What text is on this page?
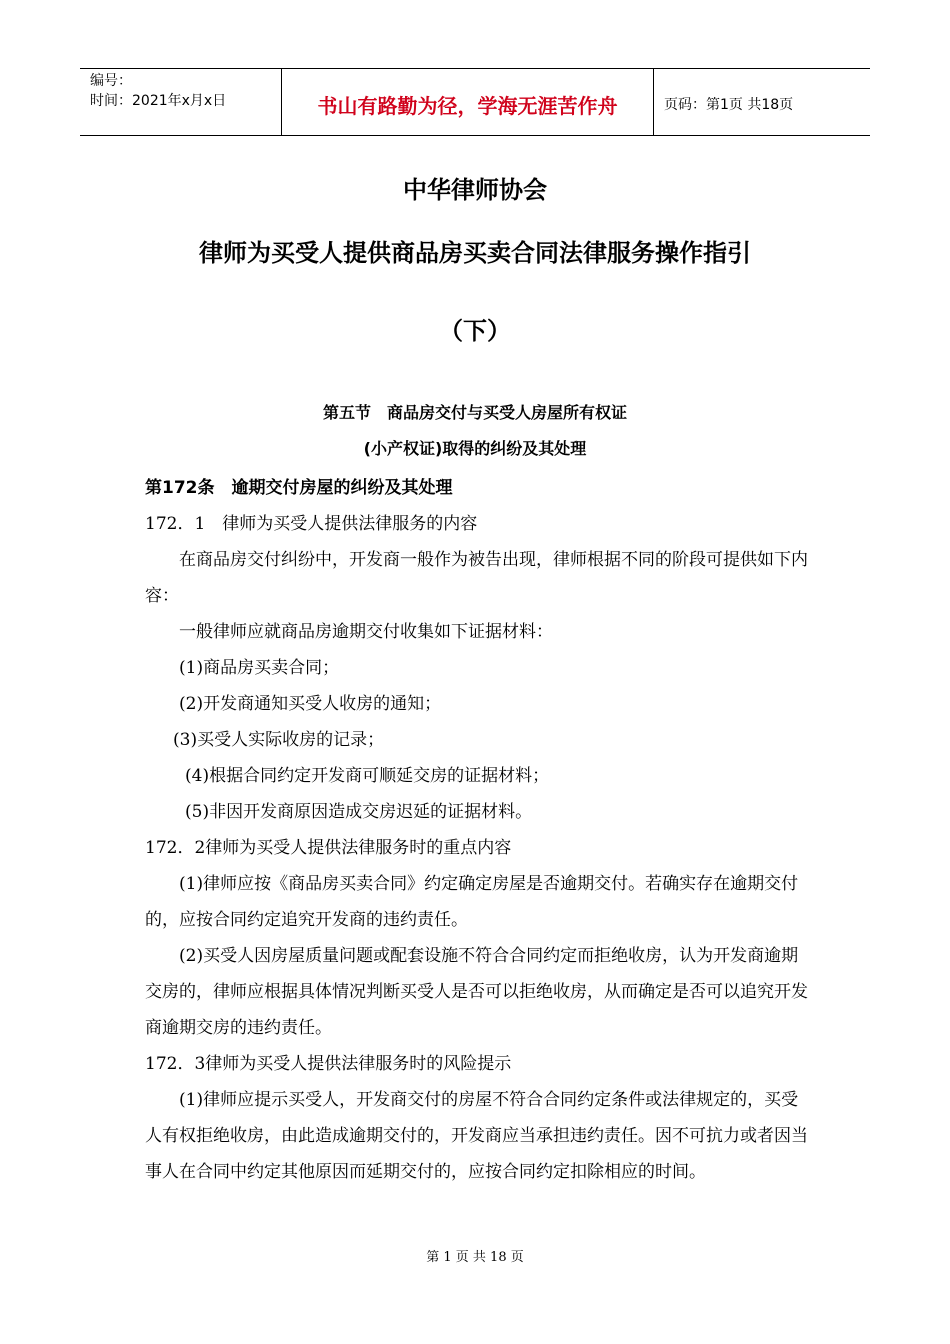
编号：
时间：2021年x月x日	书山有路勤为径，学海无涯苦作舟	页码：第1页 共18页
中华律师协会
律师为买受人提供商品房买卖合同法律服务操作指引
（下）
第五节　商品房交付与买受人房屋所有权证
(小产权证)取得的纠纷及其处理

第172条　逾期交付房屋的纠纷及其处理

172．1　律师为买受人提供法律服务的内容

在商品房交付纠纷中，开发商一般作为被告出现，律师根据不同的阶段可提供如下内容：

一般律师应就商品房逾期交付收集如下证据材料：

(1)商品房买卖合同；

(2)开发商通知买受人收房的通知；

(3)买受人实际收房的记录；

(4)根据合同约定开发商可顺延交房的证据材料；

(5)非因开发商原因造成交房迟延的证据材料。

172．2律师为买受人提供法律服务时的重点内容

(1)律师应按《商品房买卖合同》约定确定房屋是否逾期交付。若确实存在逾期交付的，应按合同约定追究开发商的违约责任。

(2)买受人因房屋质量问题或配套设施不符合合同约定而拒绝收房，认为开发商逾期交房的，律师应根据具体情况判断买受人是否可以拒绝收房，从而确定是否可以追究开发商逾期交房的违约责任。

172．3律师为买受人提供法律服务时的风险提示

(1)律师应提示买受人，开发商交付的房屋不符合合同约定条件或法律规定的，买受人有权拒绝收房，由此造成逾期交付的，开发商应当承担违约责任。因不可抗力或者因当事人在合同中约定其他原因而延期交付的，应按合同约定扣除相应的时间。

第 1 页 共 18 页
